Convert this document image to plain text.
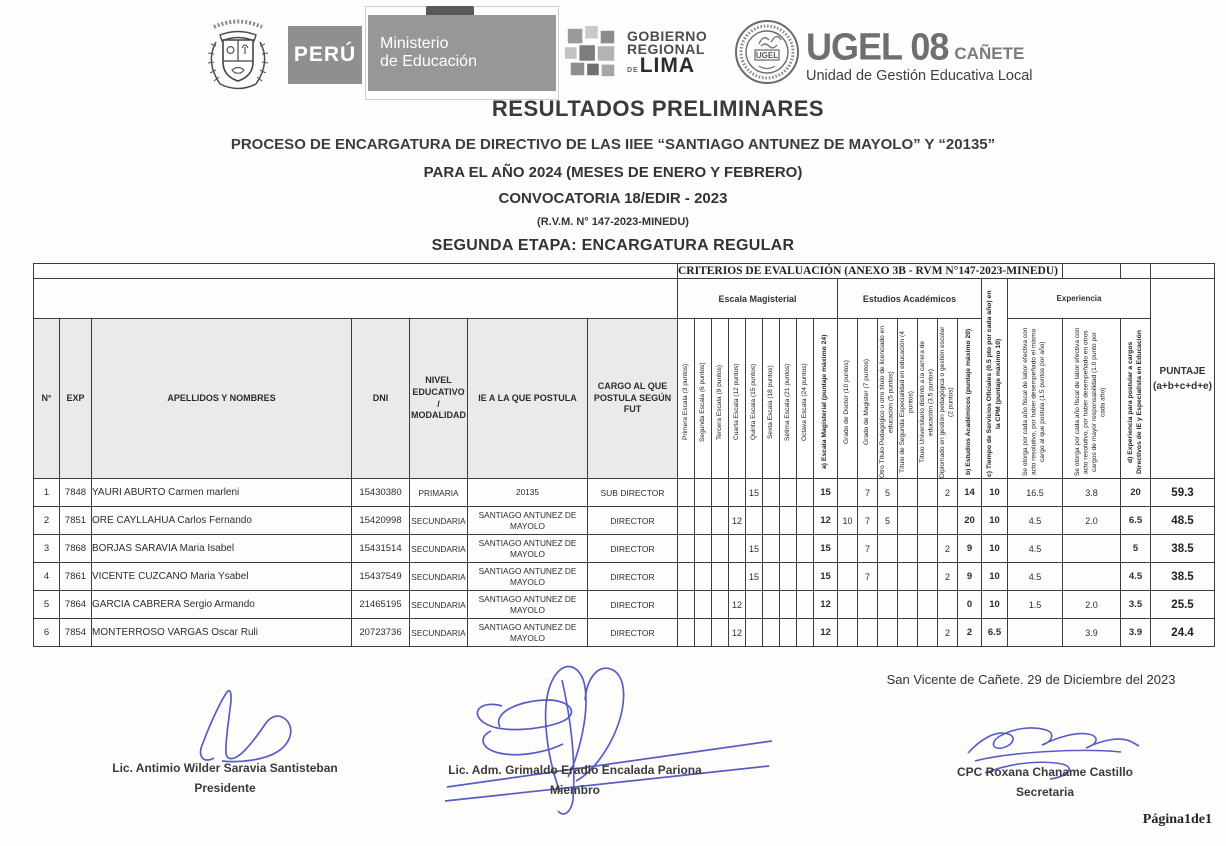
PERÚ Ministerio
de Educación
GOBIERNO
REGIONAL
DELIMA	UGEL UGEL 08 CAÑETE
Unidad de Gestión Educativa Local
RESULTADOS PRELIMINARES
PROCESO DE ENCARGATURA DE DIRECTIVO DE LAS IIEE “SANTIAGO ANTUNEZ DE MAYOLO” Y “20135”
PARA EL AÑO 2024 (MESES DE ENERO Y FEBRERO)
CONVOCATORIA 18/EDIR - 2023
(R.V.M. N° 147-2023-MINEDU)
SEGUNDA ETAPA: ENCARGATURA REGULAR
							CRITERIOS DE EVALUACIÓN (ANEXO 3B - RVM N°147-2023-MINEDU)																				
							Escala Magisterial									Estudios Académicos							c) Tiempo de Servicios Oficiales (0.5 pto por cada año) en la CPM (puntaje máximo 10)	Experiencia			PUNTAJE
(a+b+c+d+e)

N°	EXP	APELLIDOS Y NOMBRES	DNI	NIVEL EDUCATIVO / MODALIDAD	IE A LA QUE POSTULA	CARGO AL QUE POSTULA SEGÚN FUT	Primera Escala (3 puntos)	Segunda Escala (6 puntos)	Tercera Escala (9 puntos)	Cuarta Escala (12 puntos)	Quinta Escala (15 puntos)	Sexta Escala (18 puntos)	Sétima Escala (21 puntos)	Octava Escala (24 puntos)	a) Escala Magisterial (puntaje máximo 24)	Grado de Doctor (10 puntos)	Grado de Magister (7 puntos)	Otro Título Pedagógico u otro título de licenciado en educación (5 puntos)	Título de Segunda Especialidad en educación (4 puntos)	Título Universitario distinto a la carrera de educación (3.5 puntos)	Diplomado en gestión pedagógica o gestión escolar (2 puntos)	b) Estudios Académicos (puntaje máximo 20)		Se otorga por cada año fiscal de labor efectiva con acto resolutivo, por haber desempeñado el mismo cargo al que postula (1.5 puntos por año)	Se otorga por cada año fiscal de labor efectiva con acto resolutivo, por haber desempeñado en otros cargos de mayor responsabilidad (1.0 punto por cada año)	d) Experiencia para postular a cargos Directivos de IE y Especialista en Educación	

1	7848	YAURI ABURTO Carmen marleni	15430380	PRIMARIA	20135	SUB DIRECTOR					15				15		7	5			2	14	10	16.5	3.8	20	59.3
2	7851	ORE CAYLLAHUA Carlos Fernando	15420998	SECUNDARIA	SANTIAGO ANTUNEZ DE MAYOLO	DIRECTOR				12					12	10	7	5				20	10	4.5	2.0	6.5	48.5
3	7868	BORJAS SARAVIA Maria Isabel	15431514	SECUNDARIA	SANTIAGO ANTUNEZ DE MAYOLO	DIRECTOR					15				15		7				2	9	10	4.5		5	38.5
4	7861	VICENTE CUZCANO Maria Ysabel	15437549	SECUNDARIA	SANTIAGO ANTUNEZ DE MAYOLO	DIRECTOR					15				15		7				2	9	10	4.5		4.5	38.5
5	7864	GARCIA CABRERA Sergio Armando	21465195	SECUNDARIA	SANTIAGO ANTUNEZ DE MAYOLO	DIRECTOR				12					12							0	10	1.5	2.0	3.5	25.5
6	7854	MONTERROSO VARGAS Oscar Ruli	20723736	SECUNDARIA	SANTIAGO ANTUNEZ DE MAYOLO	DIRECTOR				12					12						2	2	6.5		3.9	3.9	24.4
San Vicente de Cañete. 29 de Diciembre del 2023
Lic. Antimio Wilder Saravia Santisteban
Presidente
Lic. Adm. Grimaldo Eradio Encalada Pariona
Miembro
CPC Roxana Chaname Castillo
Secretaria
Página1de1
